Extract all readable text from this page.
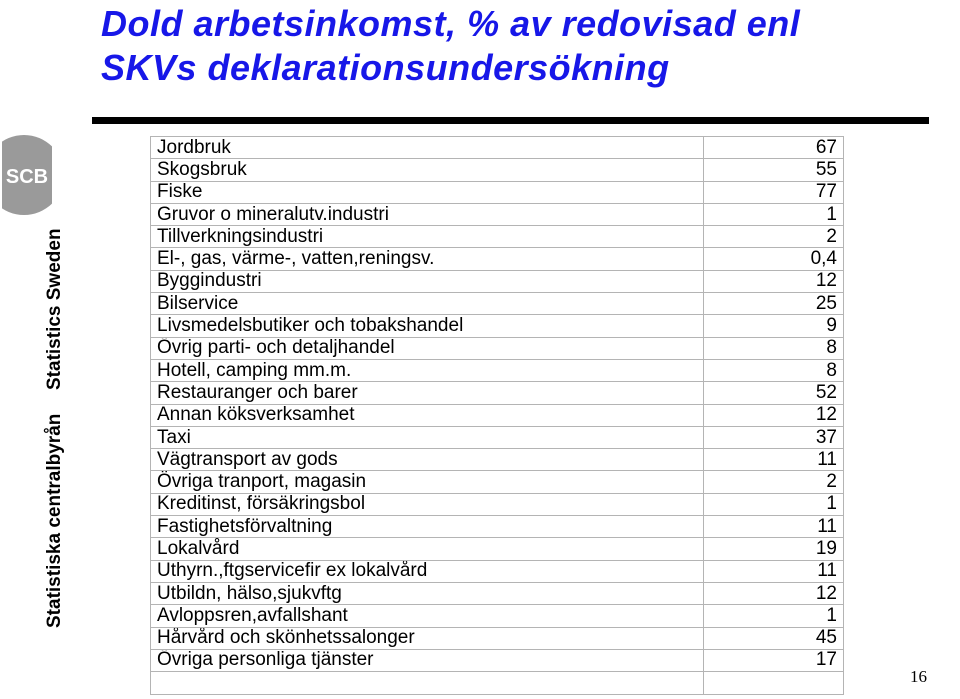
Dold arbetsinkomst, % av redovisad enl
SKVs deklarationsundersökning
SCB
Statistics Sweden
Statistiska centralbyrån
Jordbruk	67
Skogsbruk	55
Fiske	77
Gruvor o mineralutv.industri	1
Tillverkningsindustri	2
El-, gas, värme-, vatten,reningsv.	0,4
Byggindustri	12
Bilservice	25
Livsmedelsbutiker och tobakshandel	9
Övrig parti- och detaljhandel	8
Hotell, camping mm.m.	8
Restauranger och barer	52
Annan köksverksamhet	12
Taxi	37
Vägtransport av gods	11
Övriga tranport, magasin	2
Kreditinst, försäkringsbol	1
Fastighetsförvaltning	11
Lokalvård	19
Uthyrn.,ftgservicefir ex lokalvård	11
Utbildn, hälso,sjukvftg	12
Avloppsren,avfallshant	1
Hårvård och skönhetssalonger	45
Övriga personliga tjänster	17

16
